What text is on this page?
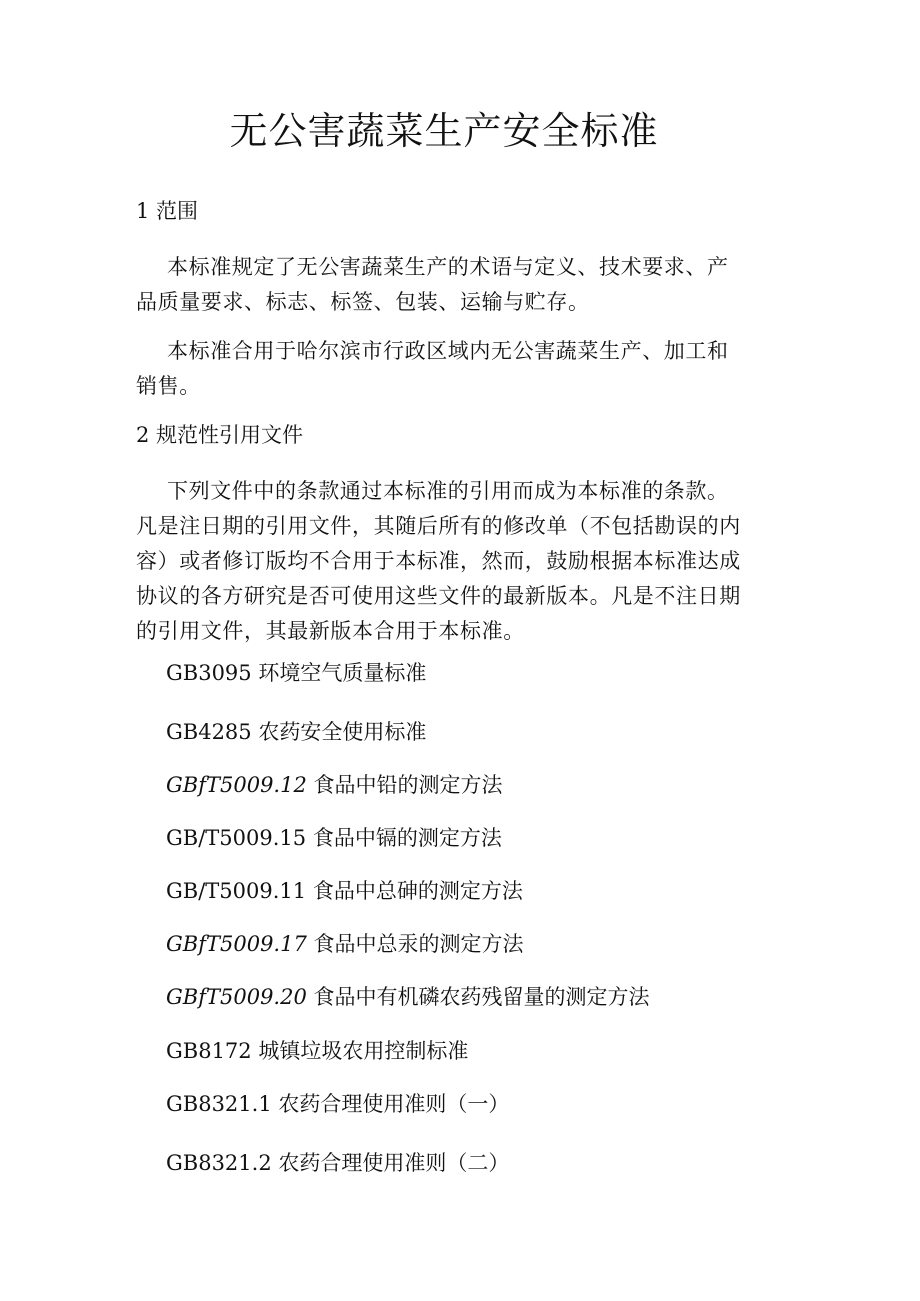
无公害蔬菜生产安全标准
1 范围

本标准规定了无公害蔬菜生产的术语与定义、技术要求、产品质量要求、标志、标签、包装、运输与贮存。

本标准合用于哈尔滨市行政区域内无公害蔬菜生产、加工和销售。

2 规范性引用文件

下列文件中的条款通过本标准的引用而成为本标准的条款。凡是注日期的引用文件，其随后所有的修改单（不包括勘误的内容）或者修订版均不合用于本标准，然而，鼓励根据本标准达成协议的各方研究是否可使用这些文件的最新版本。凡是不注日期的引用文件，其最新版本合用于本标准。

GB3095 环境空气质量标准
GB4285 农药安全使用标准
GBfT5009.12 食品中铅的测定方法
GB/T5009.15 食品中镉的测定方法
GB/T5009.11 食品中总砷的测定方法
GBfT5009.17 食品中总汞的测定方法
GBfT5009.20 食品中有机磷农药残留量的测定方法
GB8172 城镇垃圾农用控制标准
GB8321.1 农药合理使用准则（一）
GB8321.2 农药合理使用准则（二）
